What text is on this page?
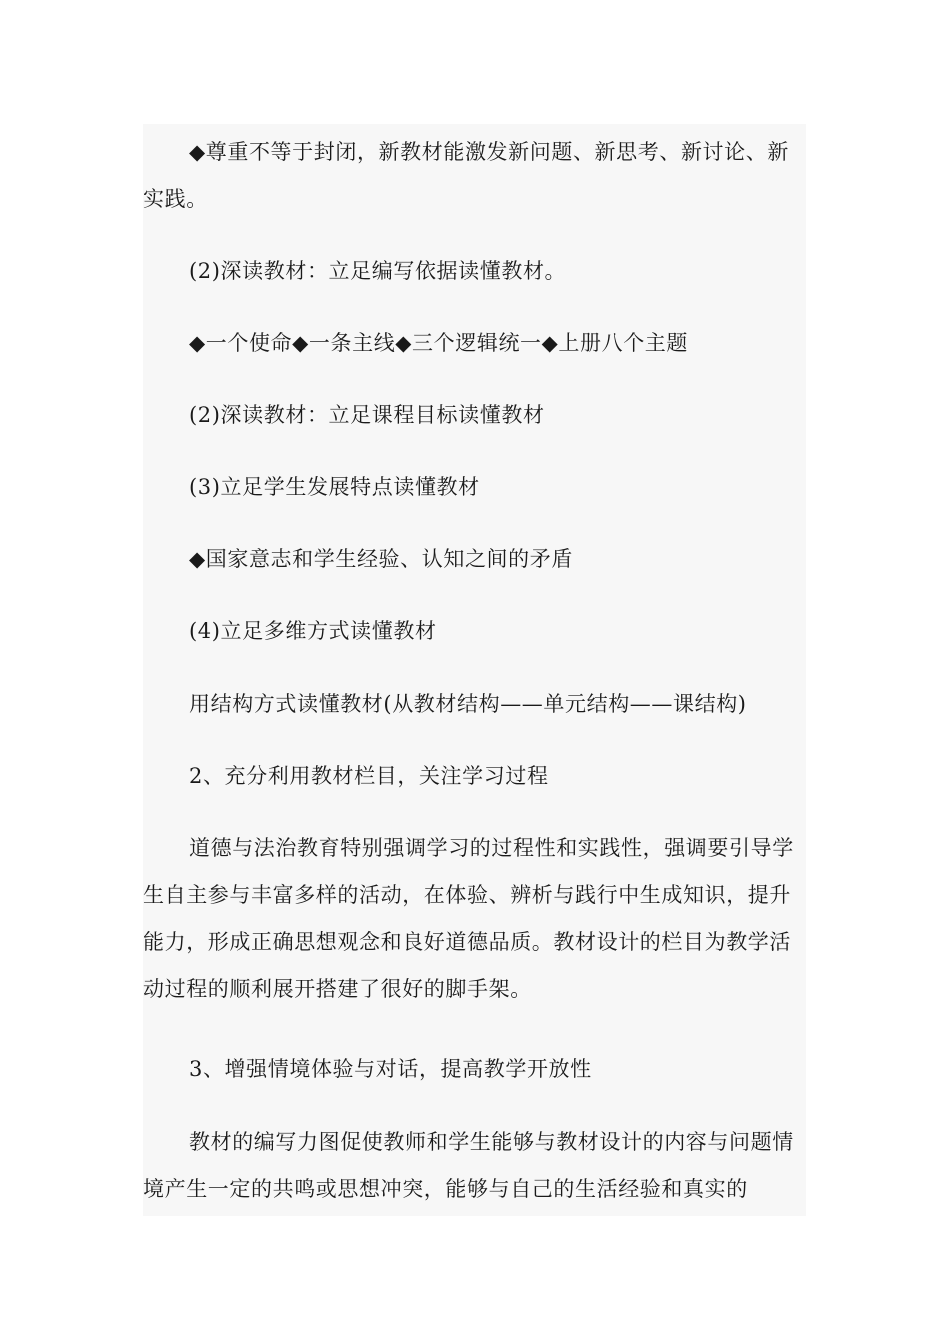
◆尊重不等于封闭，新教材能激发新问题、新思考、新讨论、新实践。

(2)深读教材：立足编写依据读懂教材。

◆一个使命◆一条主线◆三个逻辑统一◆上册八个主题

(2)深读教材：立足课程目标读懂教材

(3)立足学生发展特点读懂教材

◆国家意志和学生经验、认知之间的矛盾

(4)立足多维方式读懂教材

用结构方式读懂教材(从教材结构——单元结构——课结构)

2、充分利用教材栏目，关注学习过程

道德与法治教育特别强调学习的过程性和实践性，强调要引导学生自主参与丰富多样的活动，在体验、辨析与践行中生成知识，提升能力，形成正确思想观念和良好道德品质。教材设计的栏目为教学活动过程的顺利展开搭建了很好的脚手架。

3、增强情境体验与对话，提高教学开放性

教材的编写力图促使教师和学生能够与教材设计的内容与问题情境产生一定的共鸣或思想冲突，能够与自己的生活经验和真实的
